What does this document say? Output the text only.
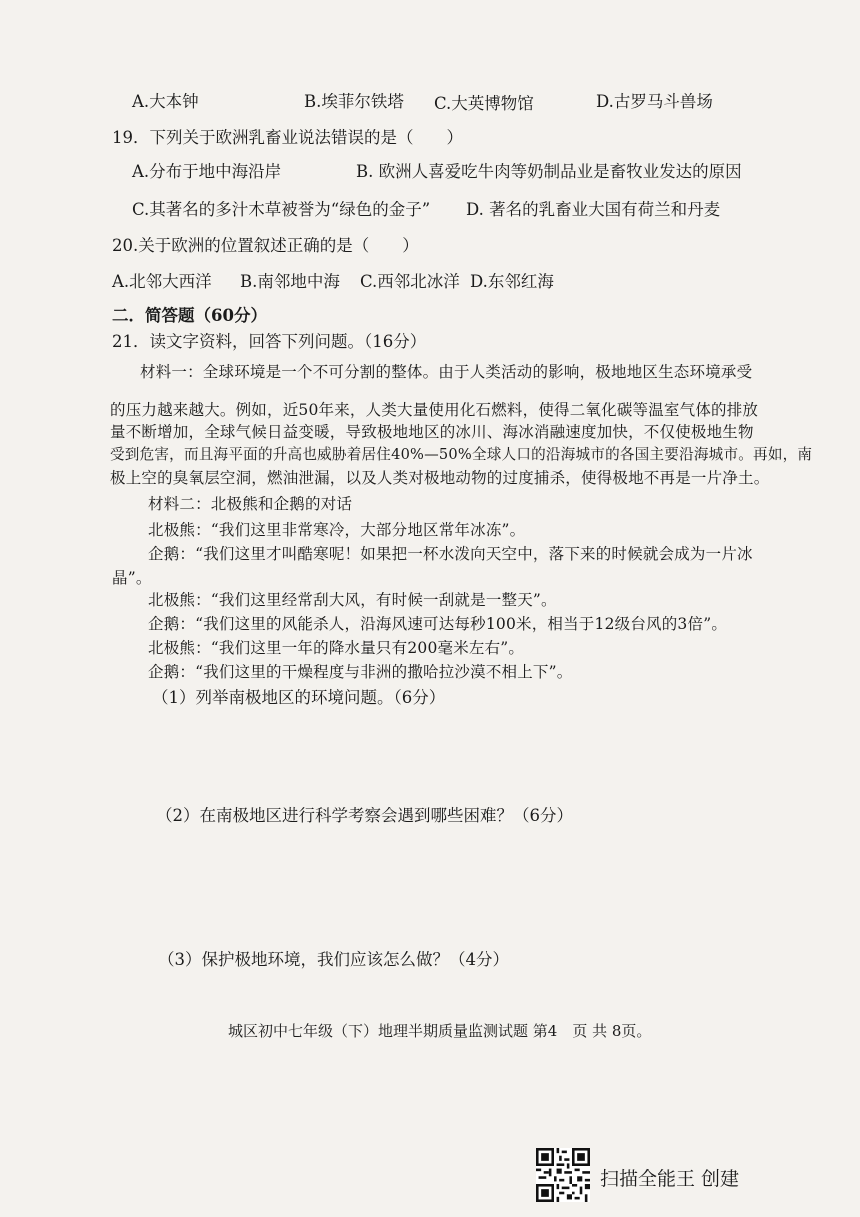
A.大本钟	B.埃菲尔铁塔 C.大英博物馆	D.古罗马斗兽场
19．下列关于欧洲乳畜业说法错误的是（　　）
A.分布于地中海沿岸	B. 欧洲人喜爱吃牛肉等奶制品业是畜牧业发达的原因
C.其著名的多汁木草被誉为“绿色的金子” D. 著名的乳畜业大国有荷兰和丹麦
20.关于欧洲的位置叙述正确的是（　　）
A.北邻大西洋 B.南邻地中海 C.西邻北冰洋 D.东邻红海
二．简答题（60分）
21．读文字资料，回答下列问题。（16分）
材料一：全球环境是一个不可分割的整体。由于人类活动的影响，极地地区生态环境承受
的压力越来越大。例如，近50年来，人类大量使用化石燃料，使得二氧化碳等温室气体的排放
量不断增加，全球气候日益变暖，导致极地地区的冰川、海冰消融速度加快，不仅使极地生物
受到危害，而且海平面的升高也威胁着居住40%—50%全球人口的沿海城市的各国主要沿海城市。再如，南
极上空的臭氧层空洞，燃油泄漏，以及人类对极地动物的过度捕杀，使得极地不再是一片净土。
材料二：北极熊和企鹅的对话
北极熊：“我们这里非常寒冷，大部分地区常年冰冻”。
企鹅：“我们这里才叫酷寒呢！如果把一杯水泼向天空中，落下来的时候就会成为一片冰
晶”。
北极熊：“我们这里经常刮大风，有时候一刮就是一整天”。
企鹅：“我们这里的风能杀人，沿海风速可达每秒100米，相当于12级台风的3倍”。
北极熊：“我们这里一年的降水量只有200毫米左右”。
企鹅：“我们这里的干燥程度与非洲的撒哈拉沙漠不相上下”。
（1）列举南极地区的环境问题。（6分）
（2）在南极地区进行科学考察会遇到哪些困难？（6分）
（3）保护极地环境，我们应该怎么做？（4分）
城区初中七年级（下）地理半期质量监测试题 第4　页 共 8页。
扫描全能王 创建
